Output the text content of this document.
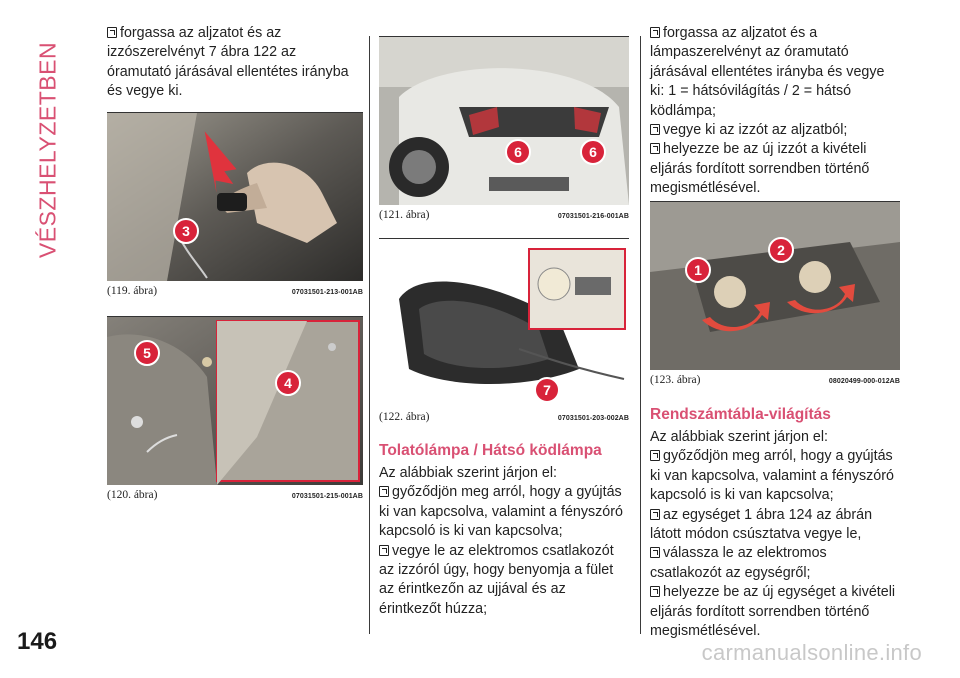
VÉSZHELYZETBEN
forgassa az aljzatot és az izzószerelvényt 7 ábra 122 az óramutató járásával ellentétes irányba és vegye ki.
3
(119. ábra)	07031501-213-001AB
5
4
(120. ábra)	07031501-215-001AB
6	6
(121. ábra)	07031501-216-001AB
7
(122. ábra)	07031501-203-002AB
Tolatólámpa / Hátsó ködlámpa
Az alábbiak szerint járjon el:
győződjön meg arról, hogy a gyújtás ki van kapcsolva, valamint a fényszóró kapcsoló is ki van kapcsolva;
vegye le az elektromos csatlakozót az izzóról úgy, hogy benyomja a fület az érintkezőn az ujjával és az érintkezőt húzza;
forgassa az aljzatot és a lámpaszerelvényt az óramutató járásával ellentétes irányba és vegye ki: 1 = hátsóvilágítás / 2 = hátsó ködlámpa;
vegye ki az izzót az aljzatból;
helyezze be az új izzót a kivételi eljárás fordított sorrendben történő megismétlésével.
1
2
(123. ábra)	08020499-000-012AB
Rendszámtábla-világítás
Az alábbiak szerint járjon el:
győződjön meg arról, hogy a gyújtás ki van kapcsolva, valamint a fényszóró kapcsoló is ki van kapcsolva;
az egységet 1 ábra 124 az ábrán látott módon csúsztatva vegye le,
válassza le az elektromos csatlakozót az egységről;
helyezze be az új egységet a kivételi eljárás fordított sorrendben történő megismétlésével.
146	carmanualsonline.info
